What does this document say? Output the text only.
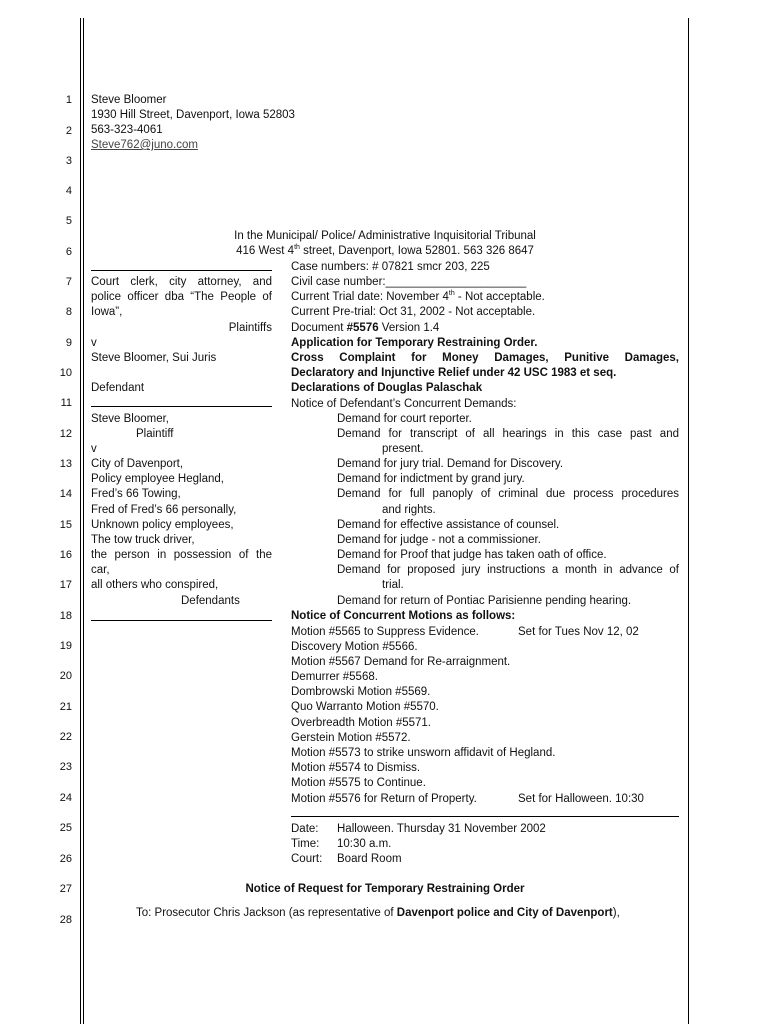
1
2
3
4
5
6
7
8
9
10
11
12
13
14
15
16
17
18
19
20
21
22
23
24
25
26
27
28
Steve Bloomer
1930 Hill Street, Davenport, Iowa 52803
563-323-4061
Steve762@juno.com
In the Municipal/ Police/ Administrative Inquisitorial Tribunal
416 West 4th street, Davenport, Iowa 52801. 563 326 8647
Court clerk, city attorney, and
police officer dba “The People of
Iowa”,
Plaintiffs
v
Steve Bloomer, Sui Juris
Defendant
Steve Bloomer,
Plaintiff
v
City of Davenport,
Policy employee Hegland,
Fred’s 66 Towing,
Fred of Fred’s 66 personally,
Unknown policy employees,
The tow truck driver,
the person in possession of the
car,
all others who conspired,
Defendants
Case numbers: # 07821 smcr 203, 225
Civil case number:______________________
Current Trial date: November 4th - Not acceptable.
Current Pre-trial: Oct 31, 2002 - Not acceptable.
Document #5576 Version 1.4
Application for Temporary Restraining Order.
Cross Complaint for Money Damages, Punitive Damages,
Declaratory and Injunctive Relief under 42 USC 1983 et seq.
Declarations of Douglas Palaschak
Notice of Defendant’s Concurrent Demands:
Demand for court reporter.
Demand for transcript of all hearings in this case past and
present.
Demand for jury trial. Demand for Discovery.
Demand for indictment by grand jury.
Demand for full panoply of criminal due process procedures
and rights.
Demand for effective assistance of counsel.
Demand for judge - not a commissioner.
Demand for Proof that judge has taken oath of office.
Demand for proposed jury instructions a month in advance of
trial.
Demand for return of Pontiac Parisienne pending hearing.
Notice of Concurrent Motions as follows:
Motion #5565 to Suppress Evidence.	Set for Tues Nov 12, 02
Discovery Motion #5566.
Motion #5567 Demand for Re-arraignment.
Demurrer #5568.
Dombrowski Motion #5569.
Quo Warranto Motion #5570.
Overbreadth Motion #5571.
Gerstein Motion #5572.
Motion #5573 to strike unsworn affidavit of Hegland.
Motion #5574 to Dismiss.
Motion #5575 to Continue.
Motion #5576 for Return of Property.	Set for Halloween. 10:30
Date: Halloween. Thursday 31 November 2002
Time: 10:30 a.m.
Court: Board Room
Notice of Request for Temporary Restraining Order
To: Prosecutor Chris Jackson (as representative of Davenport police and City of Davenport),
